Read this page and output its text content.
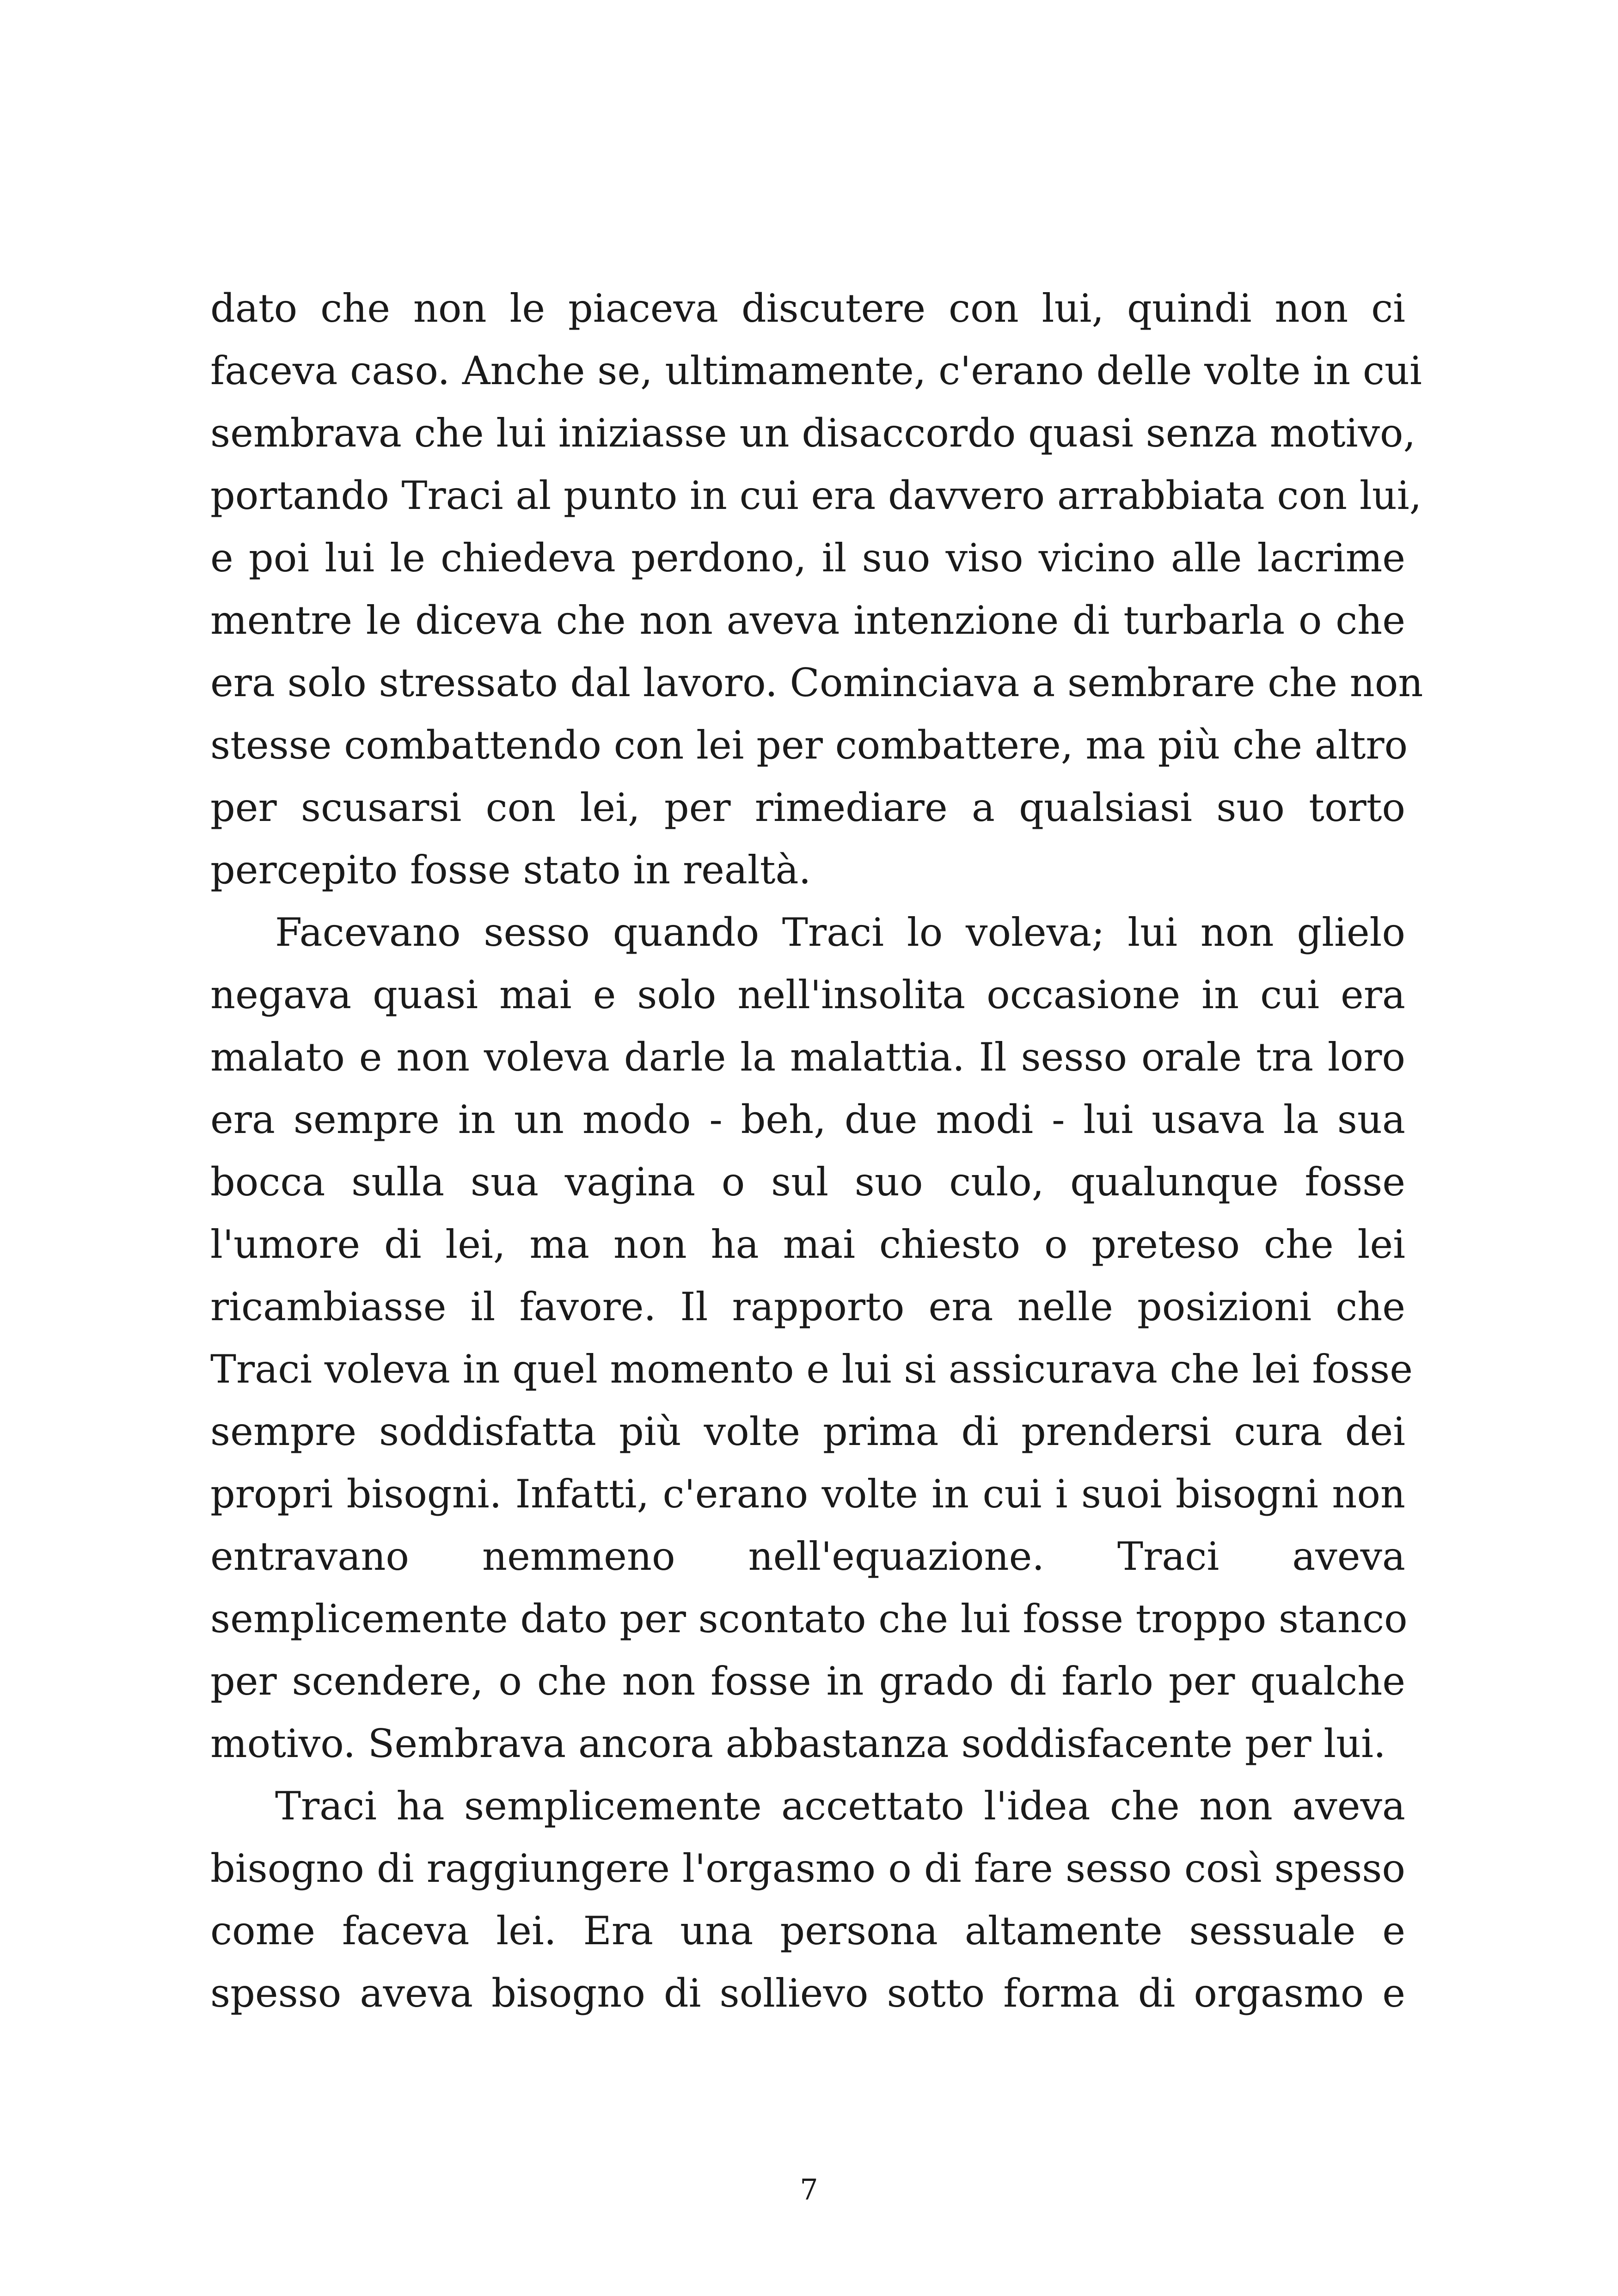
dato che non le piaceva discutere con lui, quindi non ci
faceva caso. Anche se, ultimamente, c'erano delle volte in cui
sembrava che lui iniziasse un disaccordo quasi senza motivo,
portando Traci al punto in cui era davvero arrabbiata con lui,
e poi lui le chiedeva perdono, il suo viso vicino alle lacrime
mentre le diceva che non aveva intenzione di turbarla o che
era solo stressato dal lavoro. Cominciava a sembrare che non
stesse combattendo con lei per combattere, ma più che altro
per scusarsi con lei, per rimediare a qualsiasi suo torto
percepito fosse stato in realtà.
Facevano sesso quando Traci lo voleva; lui non glielo
negava quasi mai e solo nell'insolita occasione in cui era
malato e non voleva darle la malattia. Il sesso orale tra loro
era sempre in un modo - beh, due modi - lui usava la sua
bocca sulla sua vagina o sul suo culo, qualunque fosse
l'umore di lei, ma non ha mai chiesto o preteso che lei
ricambiasse il favore. Il rapporto era nelle posizioni che
Traci voleva in quel momento e lui si assicurava che lei fosse
sempre soddisfatta più volte prima di prendersi cura dei
propri bisogni. Infatti, c'erano volte in cui i suoi bisogni non
entravano nemmeno nell'equazione. Traci aveva
semplicemente dato per scontato che lui fosse troppo stanco
per scendere, o che non fosse in grado di farlo per qualche
motivo. Sembrava ancora abbastanza soddisfacente per lui.
Traci ha semplicemente accettato l'idea che non aveva
bisogno di raggiungere l'orgasmo o di fare sesso così spesso
come faceva lei. Era una persona altamente sessuale e
spesso aveva bisogno di sollievo sotto forma di orgasmo e
7
